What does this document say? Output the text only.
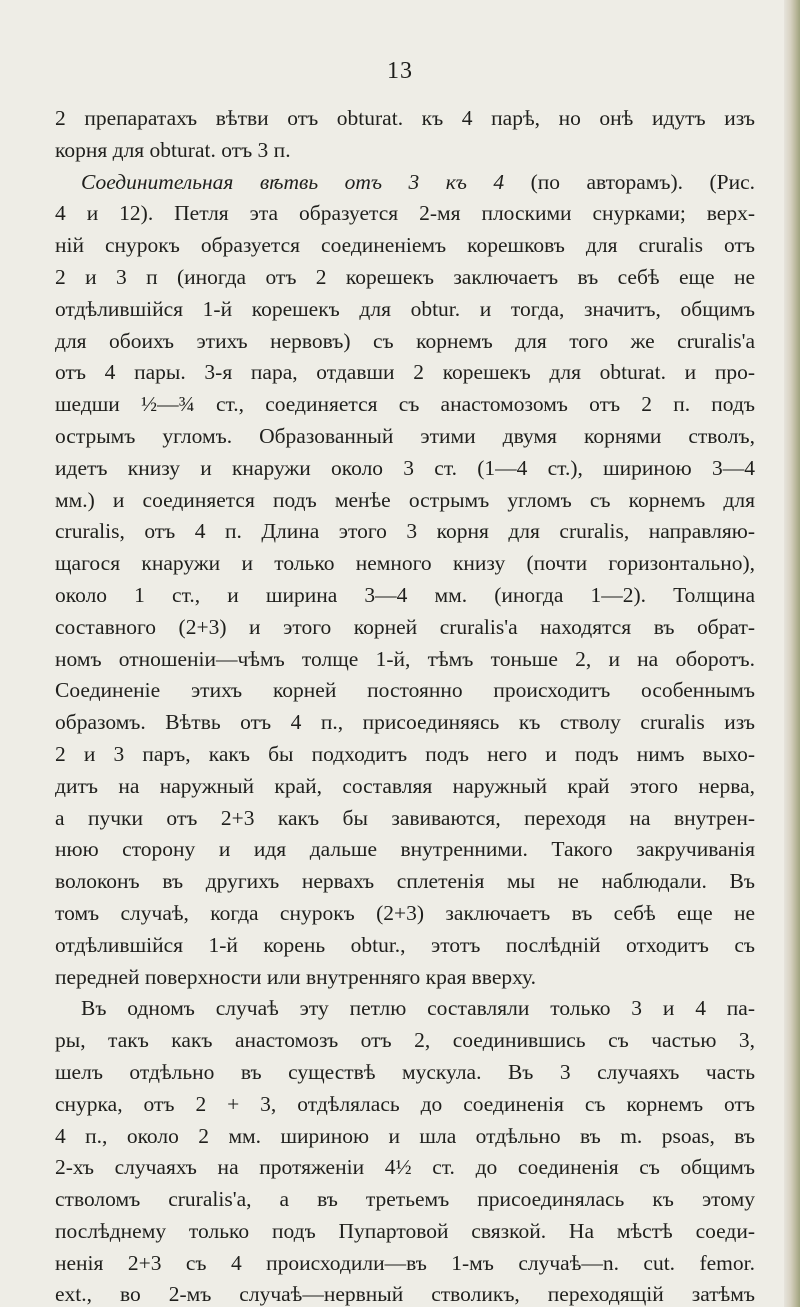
13
2 препаратахъ вѣтви отъ obturat. къ 4 парѣ, но онѣ идутъ изъ
корня для obturat. отъ 3 п.
Соединительная вѣтвь отъ 3 къ 4 (по авторамъ). (Рис.
4 и 12). Петля эта образуется 2-мя плоскими снурками; верх-
ній снурокъ образуется соединеніемъ корешковъ для cruralis отъ
2 и 3 п (иногда отъ 2 корешекъ заключаетъ въ себѣ еще не
отдѣлившійся 1-й корешекъ для obtur. и тогда, значитъ, общимъ
для обоихъ этихъ нервовъ) съ корнемъ для того же cruralis'a
отъ 4 пары. 3-я пара, отдавши 2 корешекъ для obturat. и про-
шедши ½—¾ ст., соединяется съ анастомозомъ отъ 2 п. подъ
острымъ угломъ. Образованный этими двумя корнями стволъ,
идетъ книзу и кнаружи около 3 ст. (1—4 ст.), шириною 3—4
мм.) и соединяется подъ менѣе острымъ угломъ съ корнемъ для
cruralis, отъ 4 п. Длина этого 3 корня для cruralis, направляю-
щагося кнаружи и только немного книзу (почти горизонтально),
около 1 ст., и ширина 3—4 мм. (иногда 1—2). Толщина
составного (2+3) и этого корней cruralis'a находятся въ обрат-
номъ отношеніи—чѣмъ толще 1-й, тѣмъ тоньше 2, и на оборотъ.
Соединеніе этихъ корней постоянно происходитъ особеннымъ
образомъ. Вѣтвь отъ 4 п., присоединяясь къ стволу cruralis изъ
2 и 3 паръ, какъ бы подходитъ подъ него и подъ нимъ выхо-
дитъ на наружный край, составляя наружный край этого нерва,
а пучки отъ 2+3 какъ бы завиваются, переходя на внутрен-
нюю сторону и идя дальше внутренними. Такого закручиванія
волоконъ въ другихъ нервахъ сплетенія мы не наблюдали. Въ
томъ случаѣ, когда снурокъ (2+3) заключаетъ въ себѣ еще не
отдѣлившійся 1-й корень obtur., этотъ послѣдній отходитъ съ
передней поверхности или внутренняго края вверху.
Въ одномъ случаѣ эту петлю составляли только 3 и 4 па-
ры, такъ какъ анастомозъ отъ 2, соединившись съ частью 3,
шелъ отдѣльно въ существѣ мускула. Въ 3 случаяхъ часть
снурка, отъ 2 + 3, отдѣлялась до соединенія съ корнемъ отъ
4 п., около 2 мм. шириною и шла отдѣльно въ m. psoas, въ
2-хъ случаяхъ на протяженіи 4½ ст. до соединенія съ общимъ
стволомъ cruralis'a, а въ третьемъ присоединялась къ этому
послѣднему только подъ Пупартовой связкой. На мѣстѣ соеди-
ненія 2+3 съ 4 происходили—въ 1-мъ случаѣ—n. cut. femor.
ext., во 2-мъ случаѣ—нервный стволикъ, переходящій затѣмъ
